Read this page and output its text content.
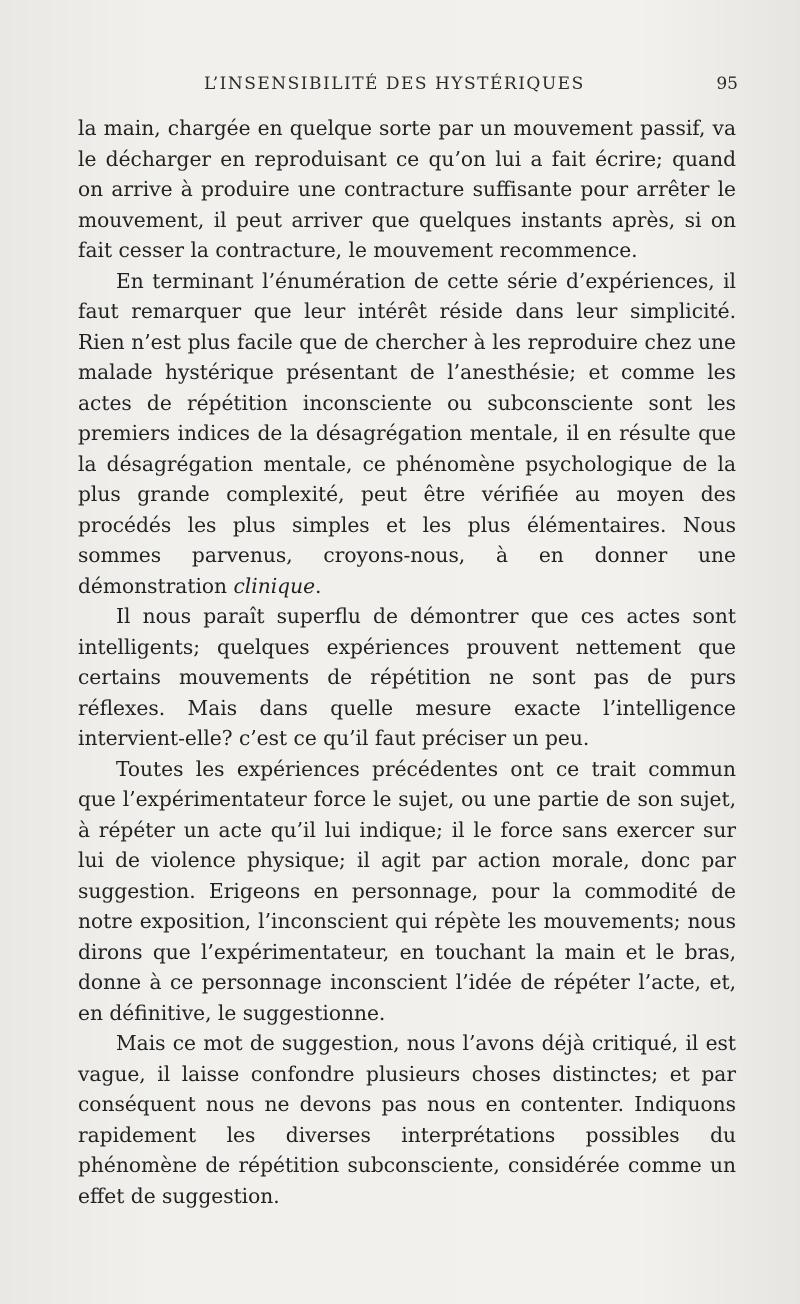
L’INSENSIBILITÉ DES HYSTÉRIQUES	95

la main, chargée en quelque sorte par un mouvement passif, va le décharger en reproduisant ce qu’on lui a fait écrire; quand on arrive à produire une contracture suffisante pour arrêter le mouvement, il peut arriver que quelques instants après, si on fait cesser la contracture, le mouvement recommence.

En terminant l’énumération de cette série d’expériences, il faut remarquer que leur intérêt réside dans leur simplicité. Rien n’est plus facile que de chercher à les reproduire chez une malade hystérique présentant de l’anesthésie; et comme les actes de répétition inconsciente ou subconsciente sont les premiers indices de la désagrégation mentale, il en résulte que la désagrégation mentale, ce phénomène psychologique de la plus grande complexité, peut être vérifiée au moyen des procédés les plus simples et les plus élémentaires. Nous sommes parvenus, croyons-nous, à en donner une démonstration clinique.

Il nous paraît superflu de démontrer que ces actes sont intelligents; quelques expériences prouvent nettement que certains mouvements de répétition ne sont pas de purs réflexes. Mais dans quelle mesure exacte l’intelligence intervient-elle? c’est ce qu’il faut préciser un peu.

Toutes les expériences précédentes ont ce trait commun que l’expérimentateur force le sujet, ou une partie de son sujet, à répéter un acte qu’il lui indique; il le force sans exercer sur lui de violence physique; il agit par action morale, donc par suggestion. Erigeons en personnage, pour la commodité de notre exposition, l’inconscient qui répète les mouvements; nous dirons que l’expérimentateur, en touchant la main et le bras, donne à ce personnage inconscient l’idée de répéter l’acte, et, en définitive, le suggestionne.

Mais ce mot de suggestion, nous l’avons déjà critiqué, il est vague, il laisse confondre plusieurs choses distinctes; et par conséquent nous ne devons pas nous en contenter. Indiquons rapidement les diverses interprétations possibles du phénomène de répétition subconsciente, considérée comme un effet de suggestion.
